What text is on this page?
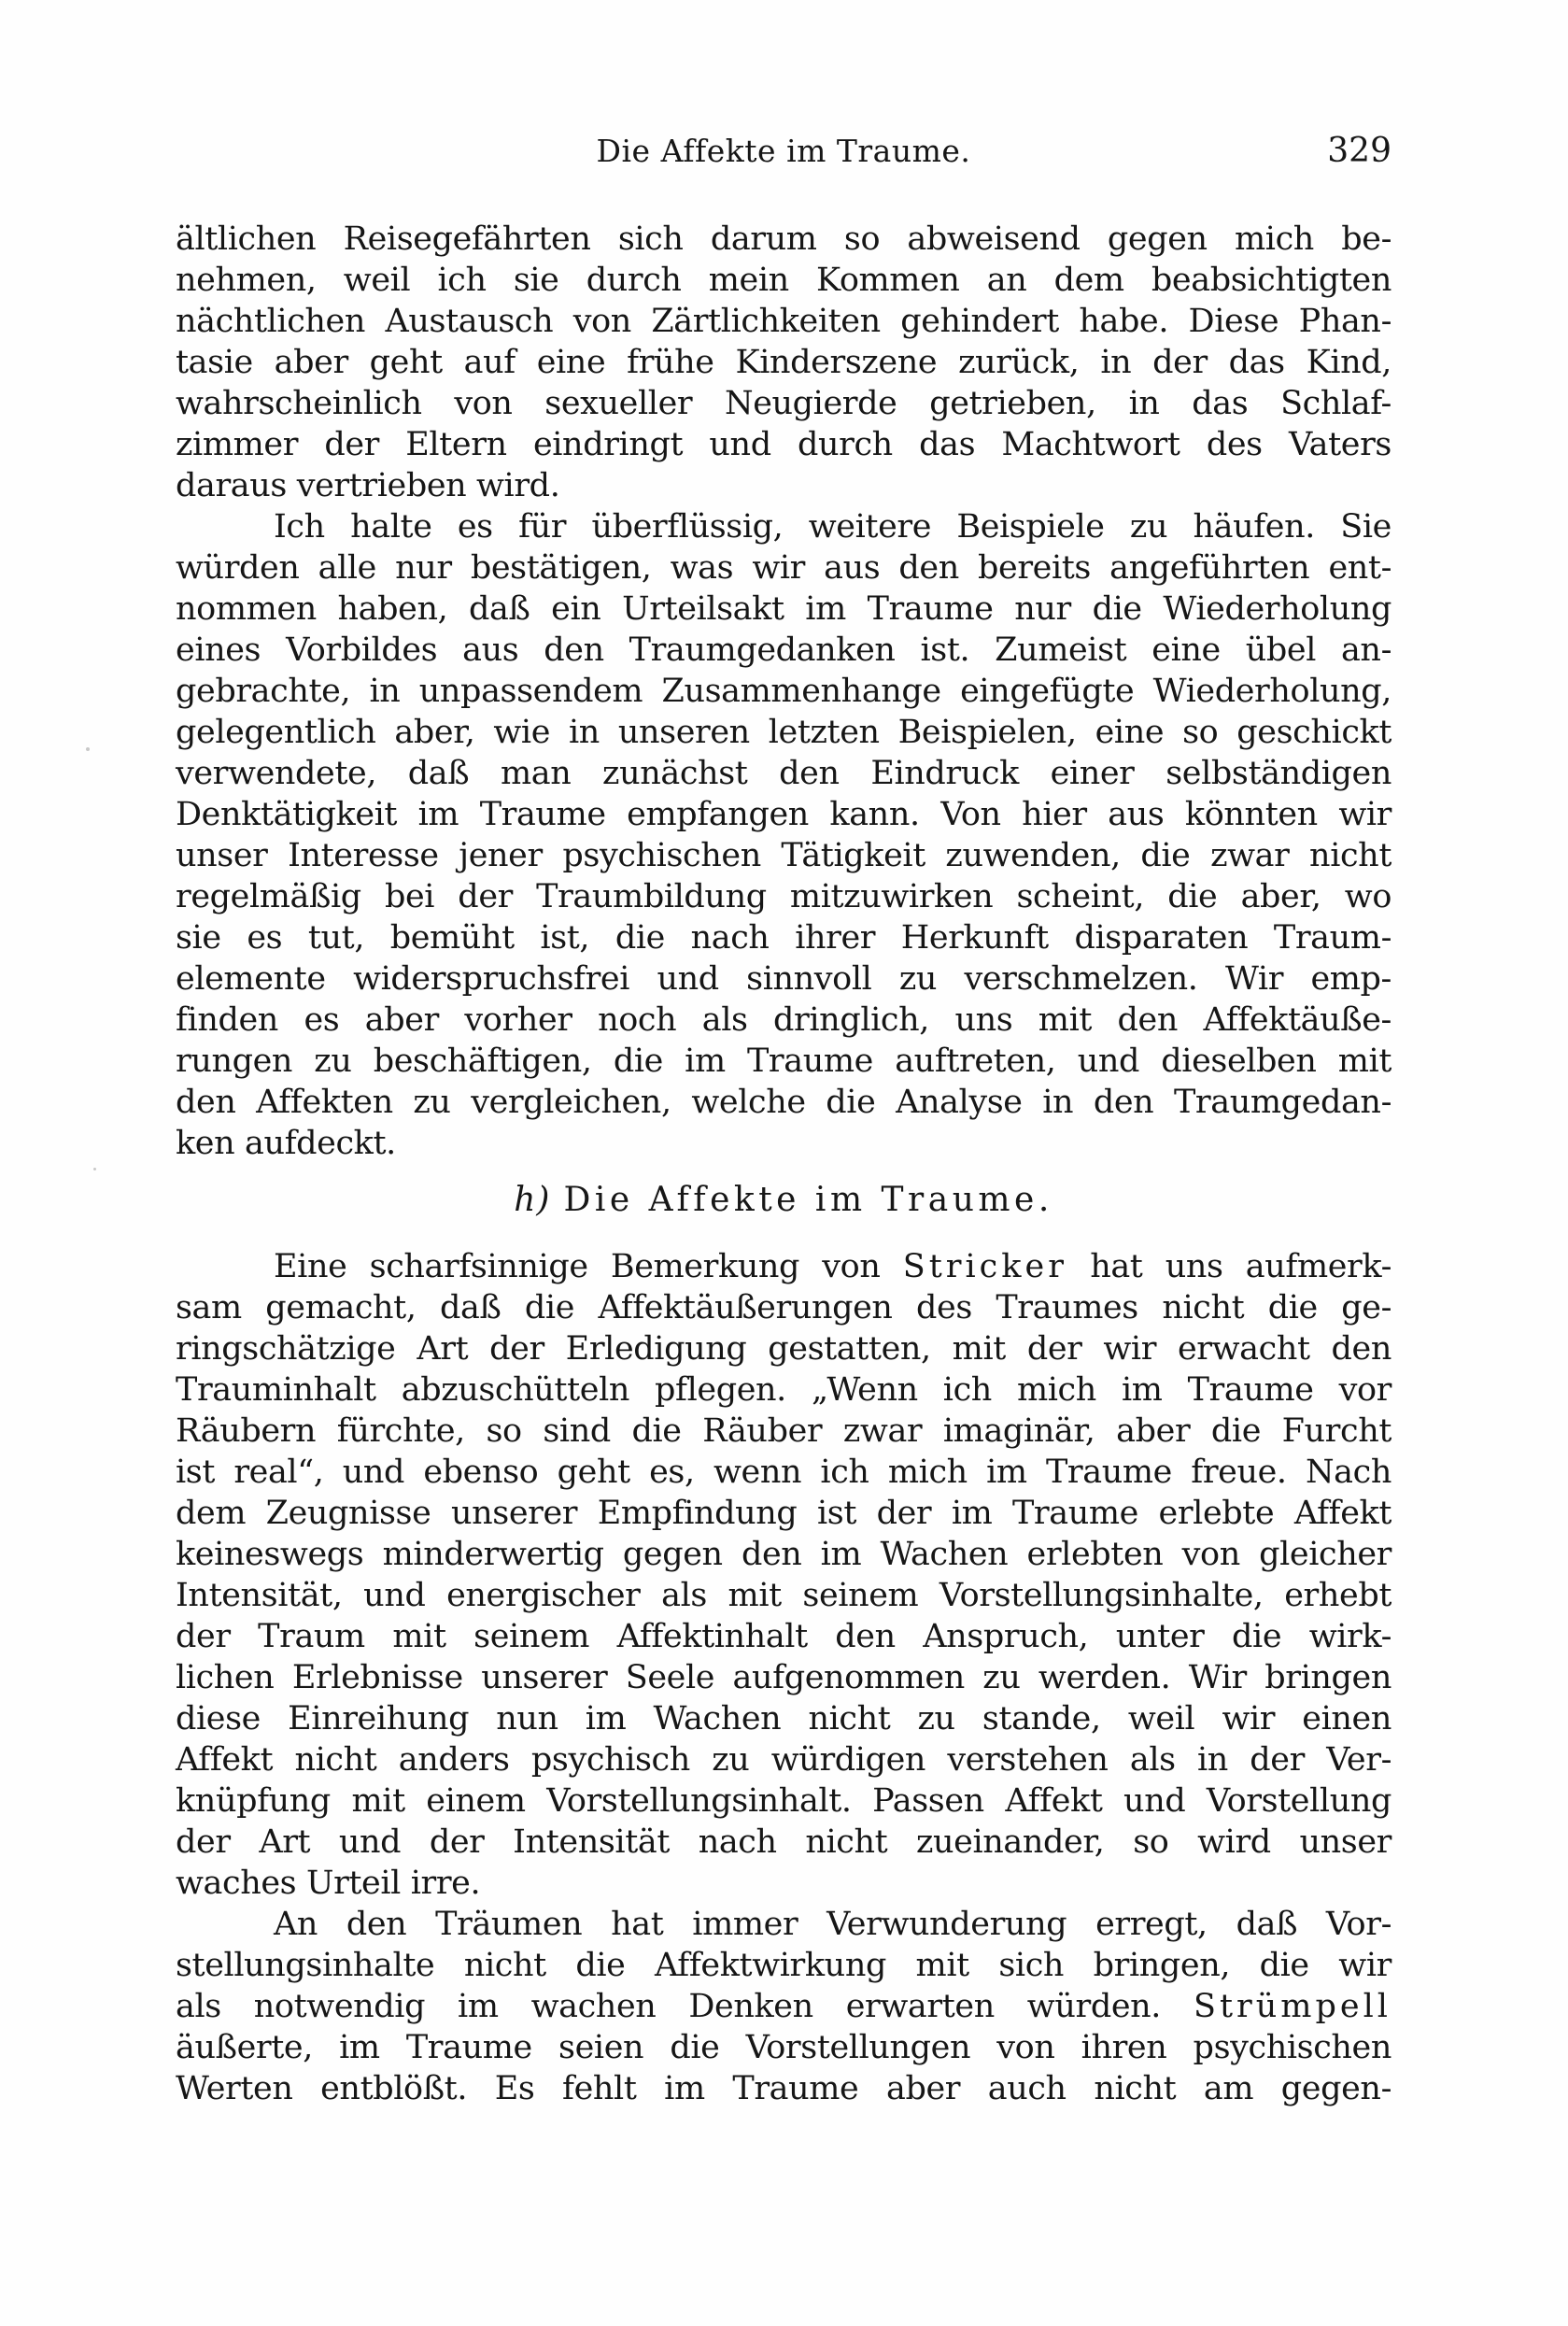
Die Affekte im Traume.	329
ältlichen Reisegefährten sich darum so abweisend gegen mich be-
nehmen, weil ich sie durch mein Kommen an dem beabsichtigten
nächtlichen Austausch von Zärtlichkeiten gehindert habe. Diese Phan-
tasie aber geht auf eine frühe Kinderszene zurück, in der das Kind,
wahrscheinlich von sexueller Neugierde getrieben, in das Schlaf-
zimmer der Eltern eindringt und durch das Machtwort des Vaters
daraus vertrieben wird.
Ich halte es für überflüssig, weitere Beispiele zu häufen. Sie
würden alle nur bestätigen, was wir aus den bereits angeführten ent-
nommen haben, daß ein Urteilsakt im Traume nur die Wiederholung
eines Vorbildes aus den Traumgedanken ist. Zumeist eine übel an-
gebrachte, in unpassendem Zusammenhange eingefügte Wiederholung,
gelegentlich aber, wie in unseren letzten Beispielen, eine so geschickt
verwendete, daß man zunächst den Eindruck einer selbständigen
Denktätigkeit im Traume empfangen kann. Von hier aus könnten wir
unser Interesse jener psychischen Tätigkeit zuwenden, die zwar nicht
regelmäßig bei der Traumbildung mitzuwirken scheint, die aber, wo
sie es tut, bemüht ist, die nach ihrer Herkunft disparaten Traum-
elemente widerspruchsfrei und sinnvoll zu verschmelzen. Wir emp-
finden es aber vorher noch als dringlich, uns mit den Affektäuße-
rungen zu beschäftigen, die im Traume auftreten, und dieselben mit
den Affekten zu vergleichen, welche die Analyse in den Traumgedan-
ken aufdeckt.
h) Die Affekte im Traume.
Eine scharfsinnige Bemerkung von Stricker hat uns aufmerk-
sam gemacht, daß die Affektäußerungen des Traumes nicht die ge-
ringschätzige Art der Erledigung gestatten, mit der wir erwacht den
Trauminhalt abzuschütteln pflegen. „Wenn ich mich im Traume vor
Räubern fürchte, so sind die Räuber zwar imaginär, aber die Furcht
ist real“, und ebenso geht es, wenn ich mich im Traume freue. Nach
dem Zeugnisse unserer Empfindung ist der im Traume erlebte Affekt
keineswegs minderwertig gegen den im Wachen erlebten von gleicher
Intensität, und energischer als mit seinem Vorstellungsinhalte, erhebt
der Traum mit seinem Affektinhalt den Anspruch, unter die wirk-
lichen Erlebnisse unserer Seele aufgenommen zu werden. Wir bringen
diese Einreihung nun im Wachen nicht zu stande, weil wir einen
Affekt nicht anders psychisch zu würdigen verstehen als in der Ver-
knüpfung mit einem Vorstellungsinhalt. Passen Affekt und Vorstellung
der Art und der Intensität nach nicht zueinander, so wird unser
waches Urteil irre.
An den Träumen hat immer Verwunderung erregt, daß Vor-
stellungsinhalte nicht die Affektwirkung mit sich bringen, die wir
als notwendig im wachen Denken erwarten würden. Strümpell
äußerte, im Traume seien die Vorstellungen von ihren psychischen
Werten entblößt. Es fehlt im Traume aber auch nicht am gegen-
